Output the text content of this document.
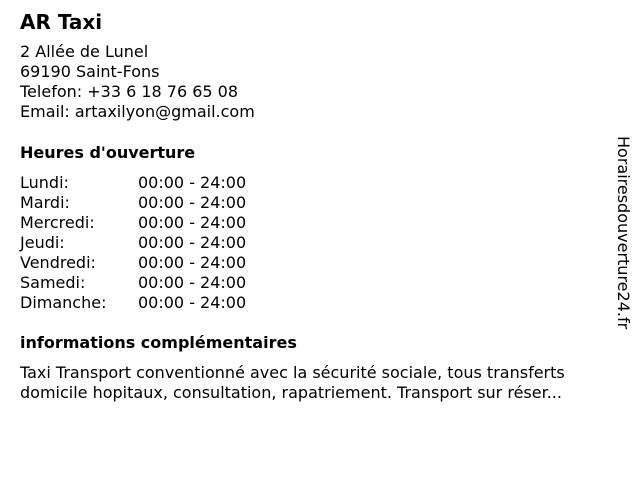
AR Taxi
2 Allée de Lunel
69190 Saint-Fons
Telefon: +33 6 18 76 65 08
Email: artaxilyon@gmail.com
Heures d'ouverture
Lundi:	00:00 - 24:00
Mardi:	00:00 - 24:00
Mercredi:	00:00 - 24:00
Jeudi:	00:00 - 24:00
Vendredi:	00:00 - 24:00
Samedi:	00:00 - 24:00
Dimanche:	00:00 - 24:00
informations complémentaires
Taxi Transport conventionné avec la sécurité sociale, tous transferts domicile hopitaux, consultation, rapatriement. Transport sur réser...
Horairesdouverture24.fr
